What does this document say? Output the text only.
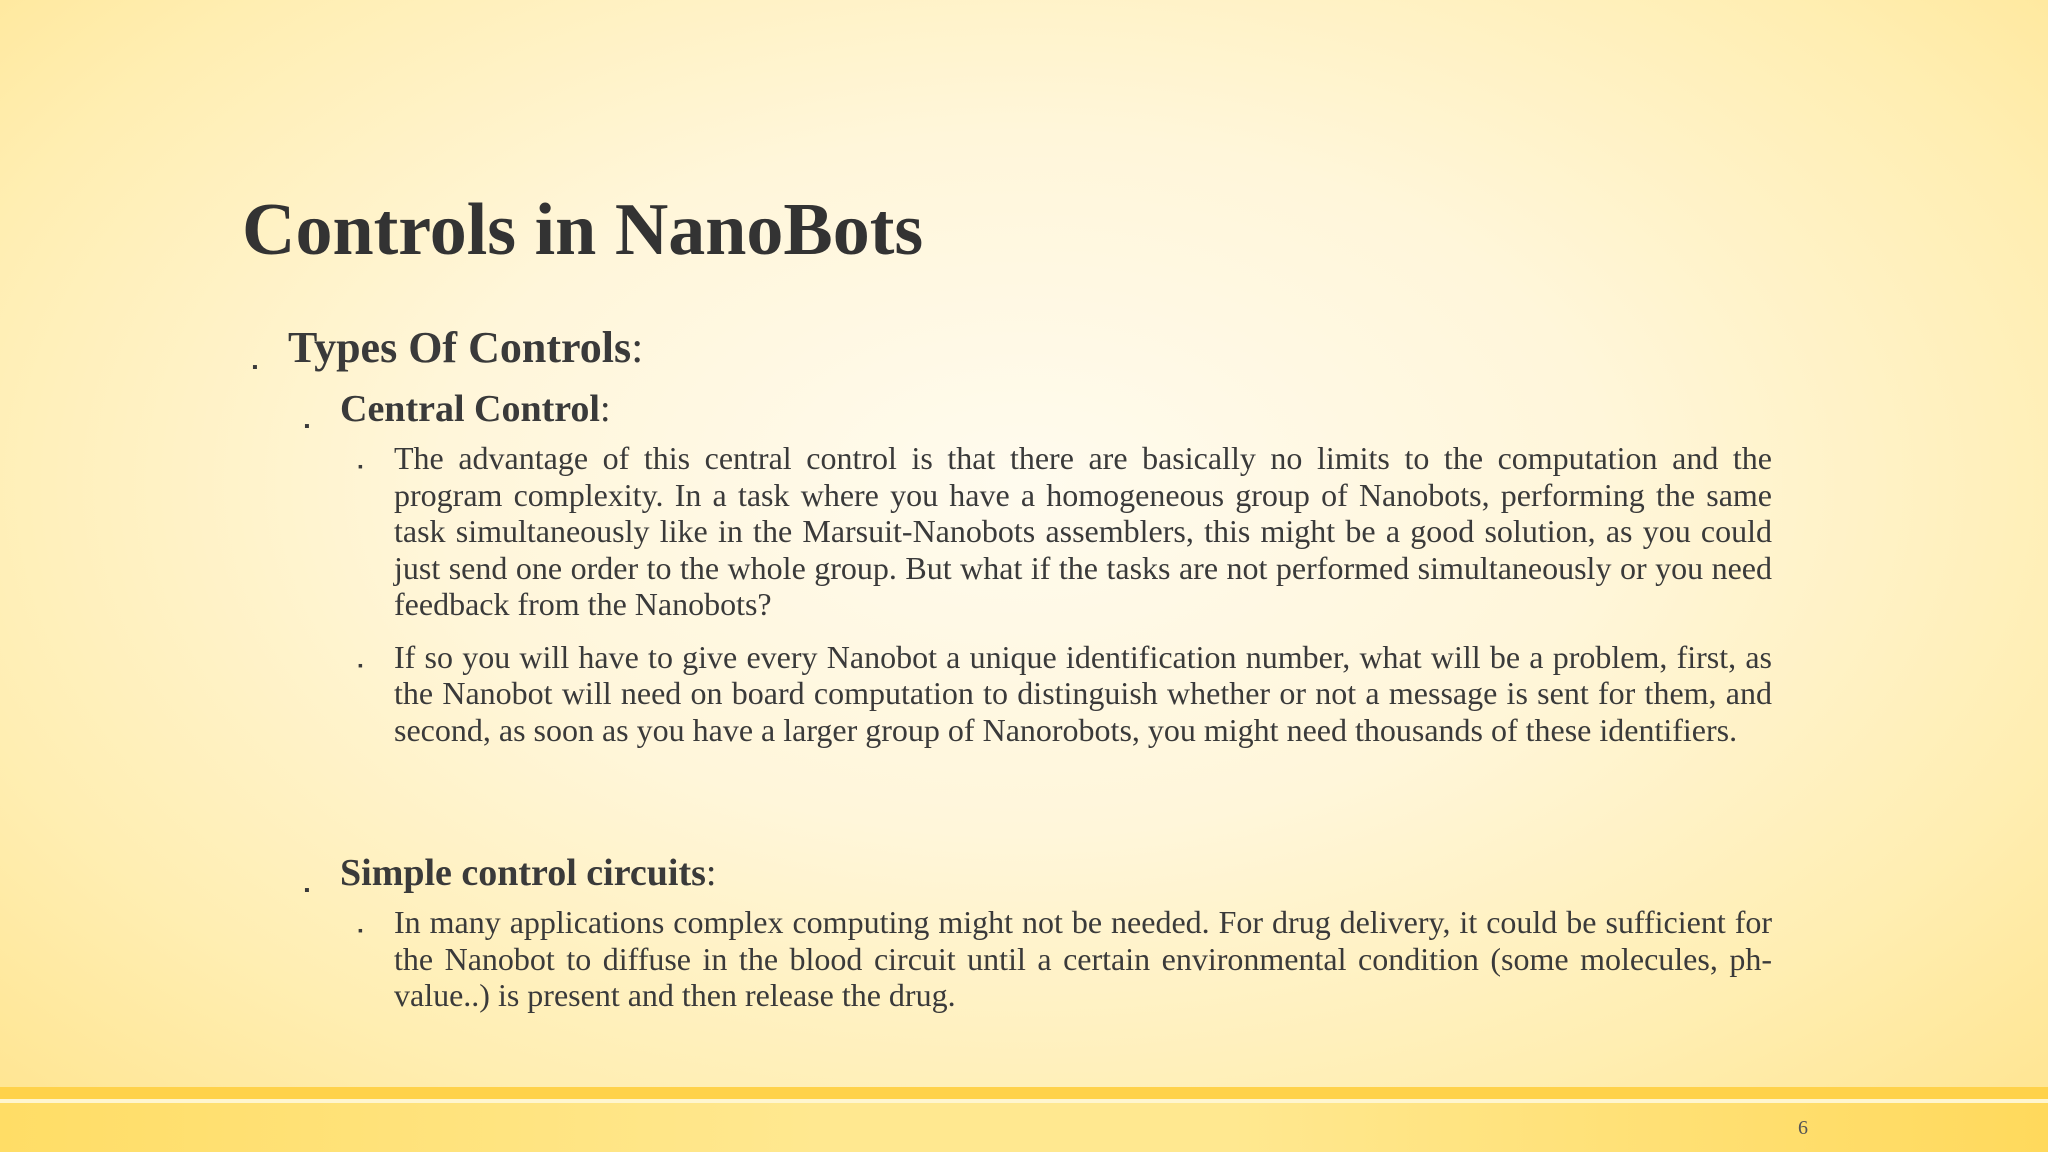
Controls in NanoBots
▪ Types Of Controls:
▪ Central Control:
▪ The advantage of this central control is that there are basically no limits to the computation and the program complexity. In a task where you have a homogeneous group of Nanobots, performing the same task simultaneously like in the Marsuit-Nanobots assemblers, this might be a good solution, as you could just send one order to the whole group. But what if the tasks are not performed simultaneously or you need feedback from the Nanobots?
▪ If so you will have to give every Nanobot a unique identification number, what will be a problem, first, as the Nanobot will need on board computation to distinguish whether or not a message is sent for them, and second, as soon as you have a larger group of Nanorobots, you might need thousands of these identifiers.
▪ Simple control circuits:
▪ In many applications complex computing might not be needed. For drug delivery, it could be sufficient for the Nanobot to diffuse in the blood circuit until a certain environmental condition (some molecules, ph-value..) is present and then release the drug.
6
